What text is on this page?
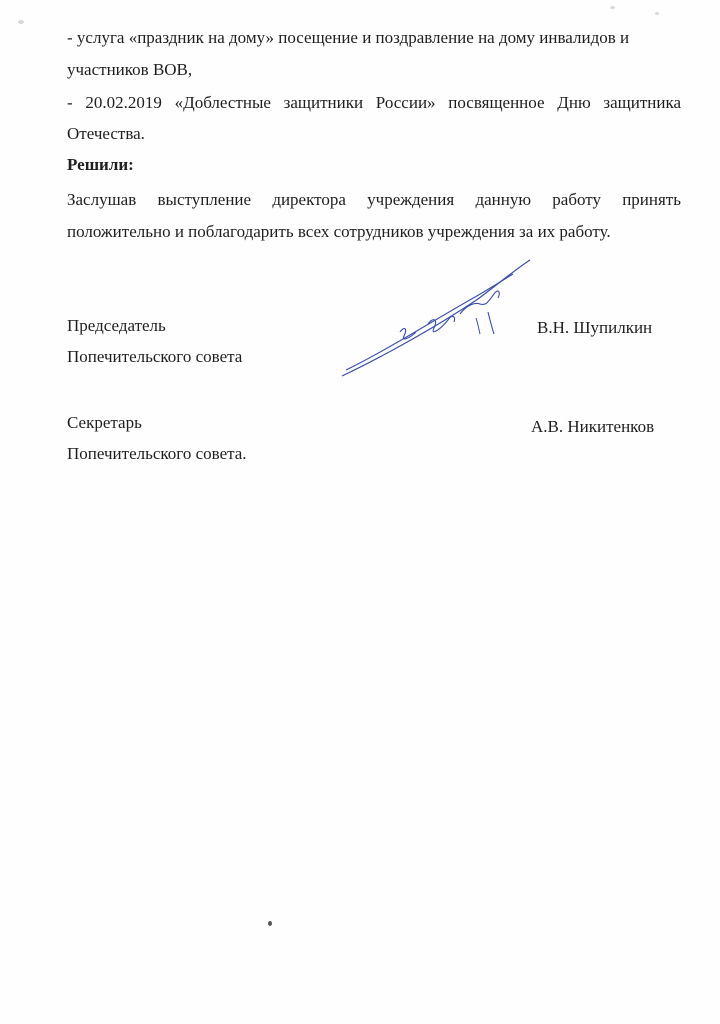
- услуга «праздник на дому» посещение и поздравление на дому инвалидов и
участников ВОВ,
- 20.02.2019 «Доблестные защитники России» посвященное Дню защитника
Отечества.
Решили:
Заслушав выступление директора учреждения данную работу принять
положительно и поблагодарить всех сотрудников учреждения за их работу.
Председатель
Попечительского совета
В.Н. Шупилкин
Секретарь
Попечительского совета.
А.В. Никитенков
